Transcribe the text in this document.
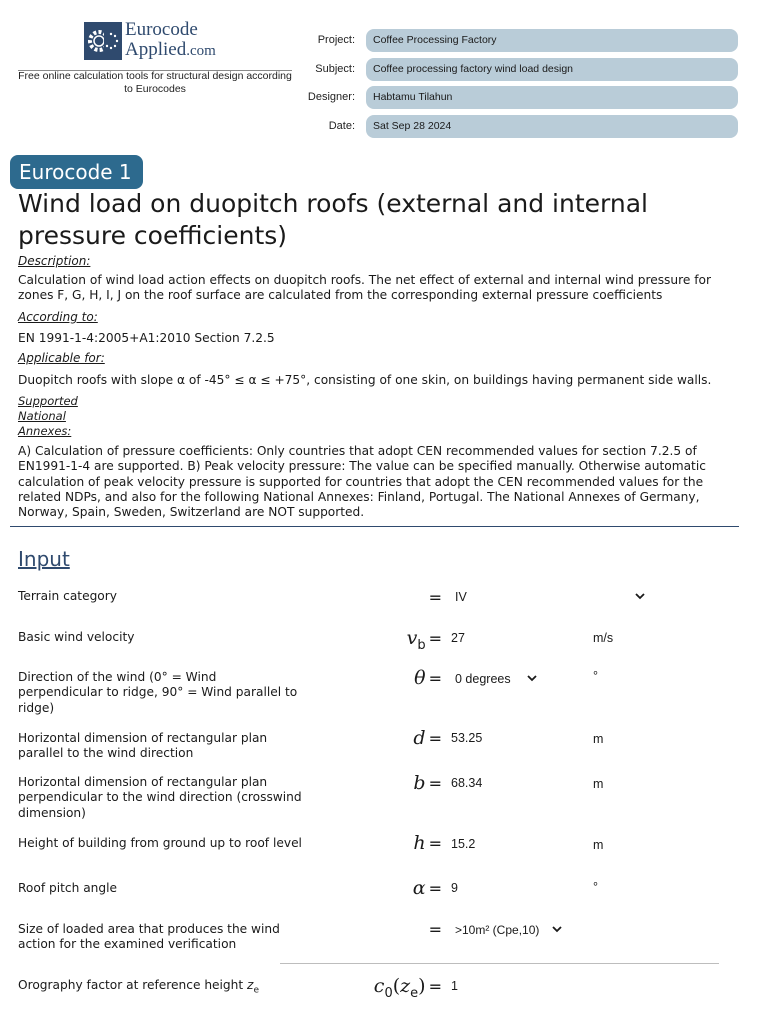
Eurocode
Applied.com
Free online calculation tools for structural design according to Eurocodes
Project:	Coffee Processing Factory
Subject:	Coffee processing factory wind load design
Designer:	Habtamu Tilahun
Date:	Sat Sep 28 2024
Eurocode 1
Wind load on duopitch roofs (external and internal pressure coefficients)
Description:
Calculation of wind load action effects on duopitch roofs. The net effect of external and internal wind pressure for zones F, G, H, I, J on the roof surface are calculated from the corresponding external pressure coefficients
According to:
EN 1991-1-4:2005+A1:2010 Section 7.2.5
Applicable for:
Duopitch roofs with slope α of -45° ≤ α ≤ +75°, consisting of one skin, on buildings having permanent side walls.
Supported
National
Annexes:
A) Calculation of pressure coefficients: Only countries that adopt CEN recommended values for section 7.2.5 of EN1991-1-4 are supported. B) Peak velocity pressure: The value can be specified manually. Otherwise automatic calculation of peak velocity pressure is supported for countries that adopt the CEN recommended values for the related NDPs, and also for the following National Annexes: Finland, Portugal. The National Annexes of Germany, Norway, Spain, Sweden, Switzerland are NOT supported.
Input
Terrain category	= IV
Basic wind velocity	$v_b = 27$	m/s
Direction of the wind (0° = Wind perpendicular to ridge, 90° = Wind parallel to ridge)
θ = 0 degrees	°
Horizontal dimension of rectangular plan parallel to the wind direction
d = 53.25	m
Horizontal dimension of rectangular plan perpendicular to the wind direction (crosswind dimension)
b = 68.34	m
Height of building from ground up to roof level	h = 15.2	m
Roof pitch angle	α = 9	°
Size of loaded area that produces the wind action for the examined verification
= >10m² (Cpe,10)
Orography factor at reference height $z_e$	$c_0(z_e) = 1$
